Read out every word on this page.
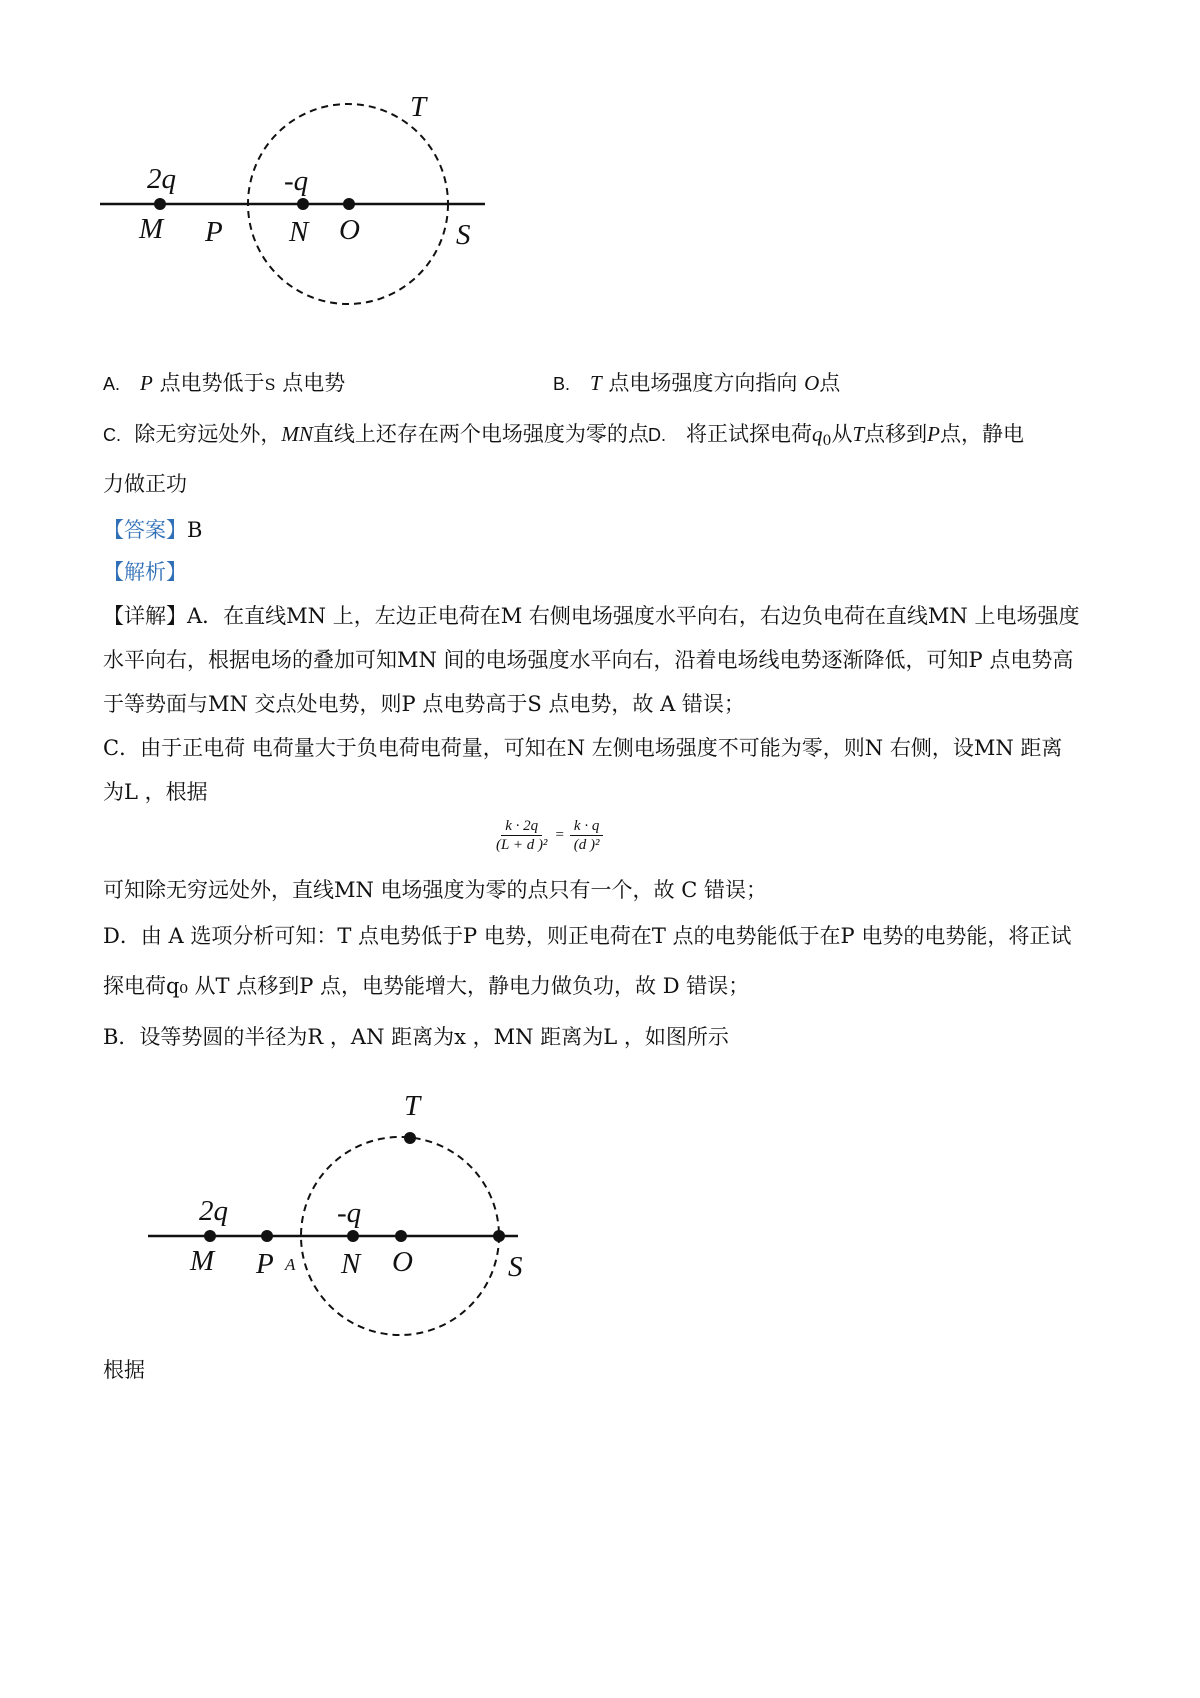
2q	-q
M P N O	S
T
A. P 点电势低于S 点电势	B. T 点电场强度方向指向 O点
C. 除无穷远处外，MN直线上还存在两个电场强度为零的点 D. 将正试探电荷$q_0$从T点移到P点，静电
力做正功
【答案】B
【解析】
【详解】A．在直线MN 上，左边正电荷在M 右侧电场强度水平向右，右边负电荷在直线MN 上电场强度
水平向右，根据电场的叠加可知MN 间的电场强度水平向右，沿着电场线电势逐渐降低，可知P 点电势高
于等势面与MN 交点处电势，则P 点电势高于S 点电势，故 A 错误；
C．由于正电荷 电荷量大于负电荷电荷量，可知在N 左侧电场强度不可能为零，则N 右侧，设MN 距离
为L ，根据
$\frac{k \cdot 2q}{\text{(L + d )²}} = \frac{k \cdot q}{\text{(d )²}}$
可知除无穷远处外，直线MN 电场强度为零的点只有一个，故 C 错误；
D．由 A 选项分析可知：T 点电势低于P 电势，则正电荷在T 点的电势能低于在P 电势的电势能，将正试
探电荷q₀ 从T 点移到P 点，电势能增大，静电力做负功，故 D 错误；
B．设等势圆的半径为R ，AN 距离为x ，MN 距离为L ，如图所示
2q	-q
T
M P A N O	S
根据
